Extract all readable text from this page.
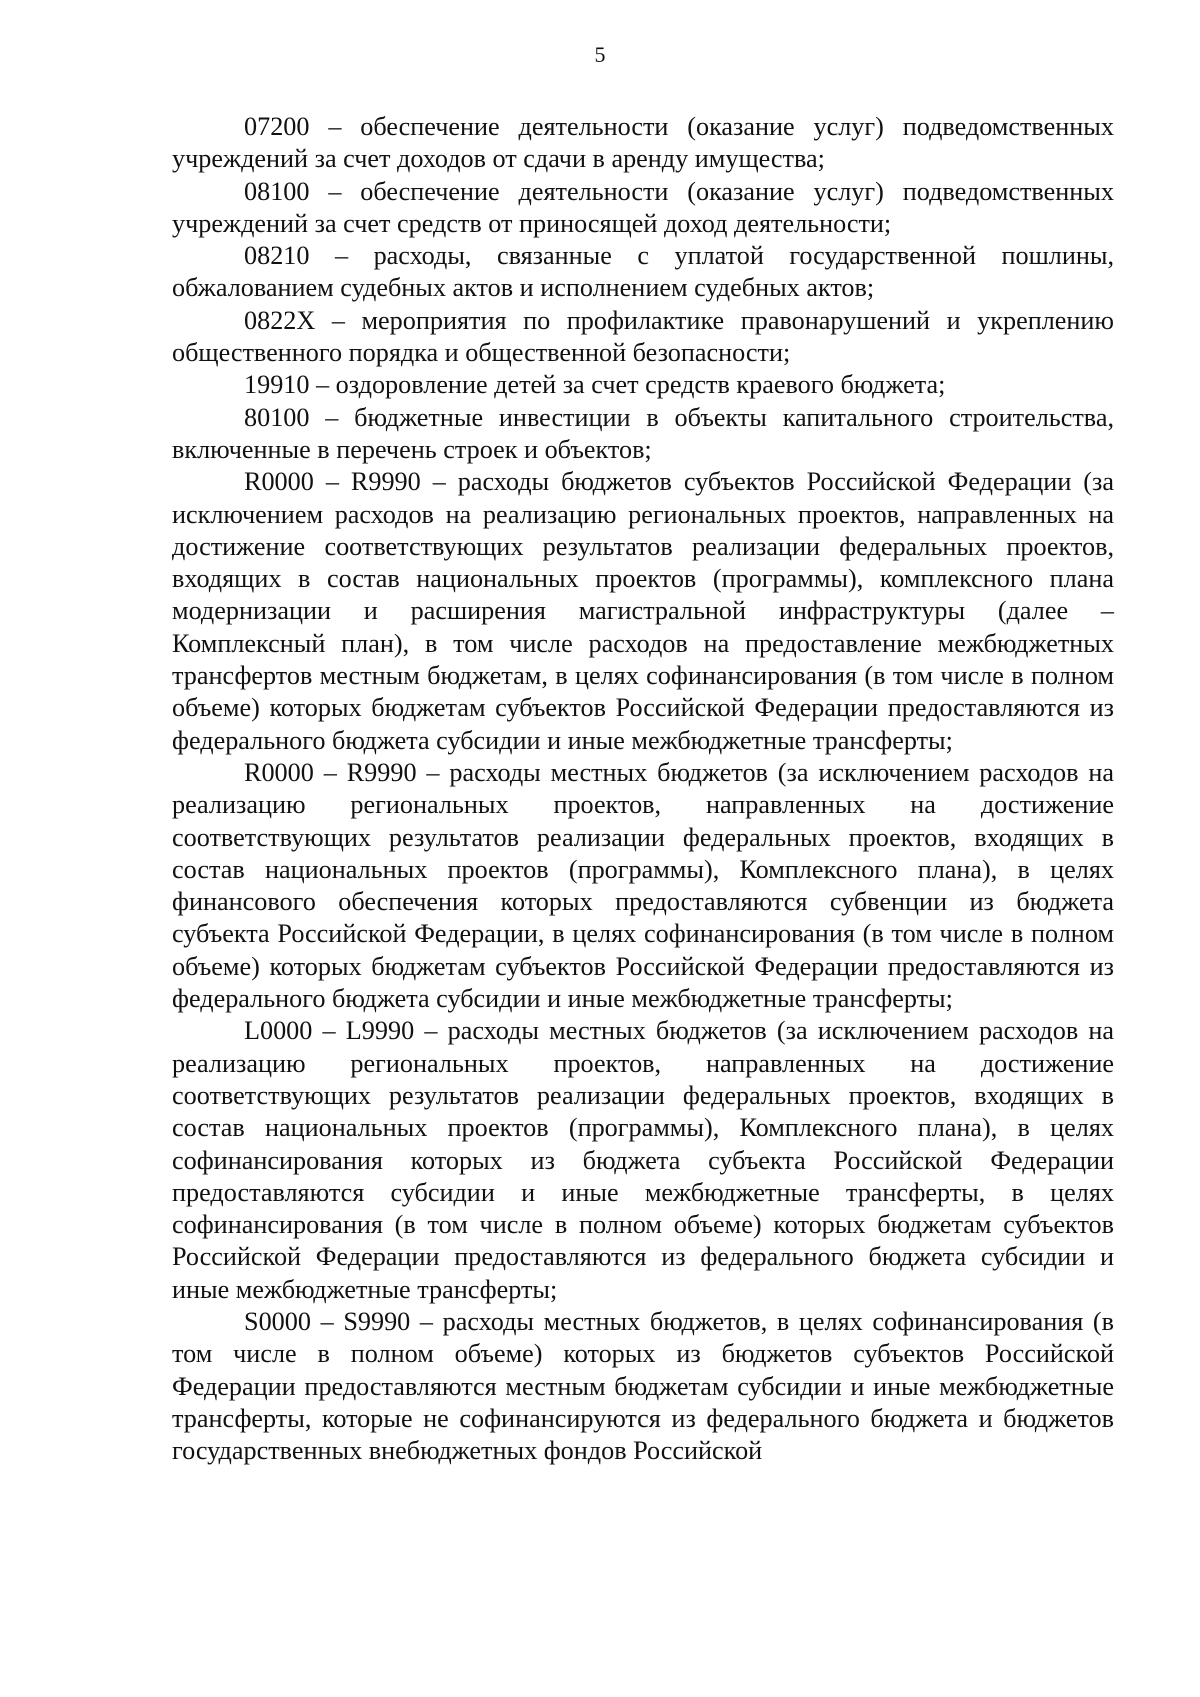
5

07200 – обеспечение деятельности (оказание услуг) подведомственных учреждений за счет доходов от сдачи в аренду имущества;

08100 – обеспечение деятельности (оказание услуг) подведомственных учреждений за счет средств от приносящей доход деятельности;

08210 – расходы, связанные с уплатой государственной пошлины, обжалованием судебных актов и исполнением судебных актов;

0822Х – мероприятия по профилактике правонарушений и укреплению общественного порядка и общественной безопасности;

19910 – оздоровление детей за счет средств краевого бюджета;

80100 – бюджетные инвестиции в объекты капитального строительства, включенные в перечень строек и объектов;

R0000 – R9990 – расходы бюджетов субъектов Российской Федерации (за исключением расходов на реализацию региональных проектов, направленных на достижение соответствующих результатов реализации федеральных проектов, входящих в состав национальных проектов (программы), комплексного плана модернизации и расширения магистральной инфраструктуры (далее – Комплексный план), в том числе расходов на предоставление межбюджетных трансфертов местным бюджетам, в целях софинансирования (в том числе в полном объеме) которых бюджетам субъектов Российской Федерации предоставляются из федерального бюджета субсидии и иные межбюджетные трансферты;

R0000 – R9990 – расходы местных бюджетов (за исключением расходов на реализацию региональных проектов, направленных на достижение соответствующих результатов реализации федеральных проектов, входящих в состав национальных проектов (программы), Комплексного плана), в целях финансового обеспечения которых предоставляются субвенции из бюджета субъекта Российской Федерации, в целях софинансирования (в том числе в полном объеме) которых бюджетам субъектов Российской Федерации предоставляются из федерального бюджета субсидии и иные межбюджетные трансферты;

L0000 – L9990 – расходы местных бюджетов (за исключением расходов на реализацию региональных проектов, направленных на достижение соответствующих результатов реализации федеральных проектов, входящих в состав национальных проектов (программы), Комплексного плана), в целях софинансирования которых из бюджета субъекта Российской Федерации предоставляются субсидии и иные межбюджетные трансферты, в целях софинансирования (в том числе в полном объеме) которых бюджетам субъектов Российской Федерации предоставляются из федерального бюджета субсидии и иные межбюджетные трансферты;

S0000 – S9990 – расходы местных бюджетов, в целях софинансирования (в том числе в полном объеме) которых из бюджетов субъектов Российской Федерации предоставляются местным бюджетам субсидии и иные межбюджетные трансферты, которые не софинансируются из федерального бюджета и бюджетов государственных внебюджетных фондов Российской
